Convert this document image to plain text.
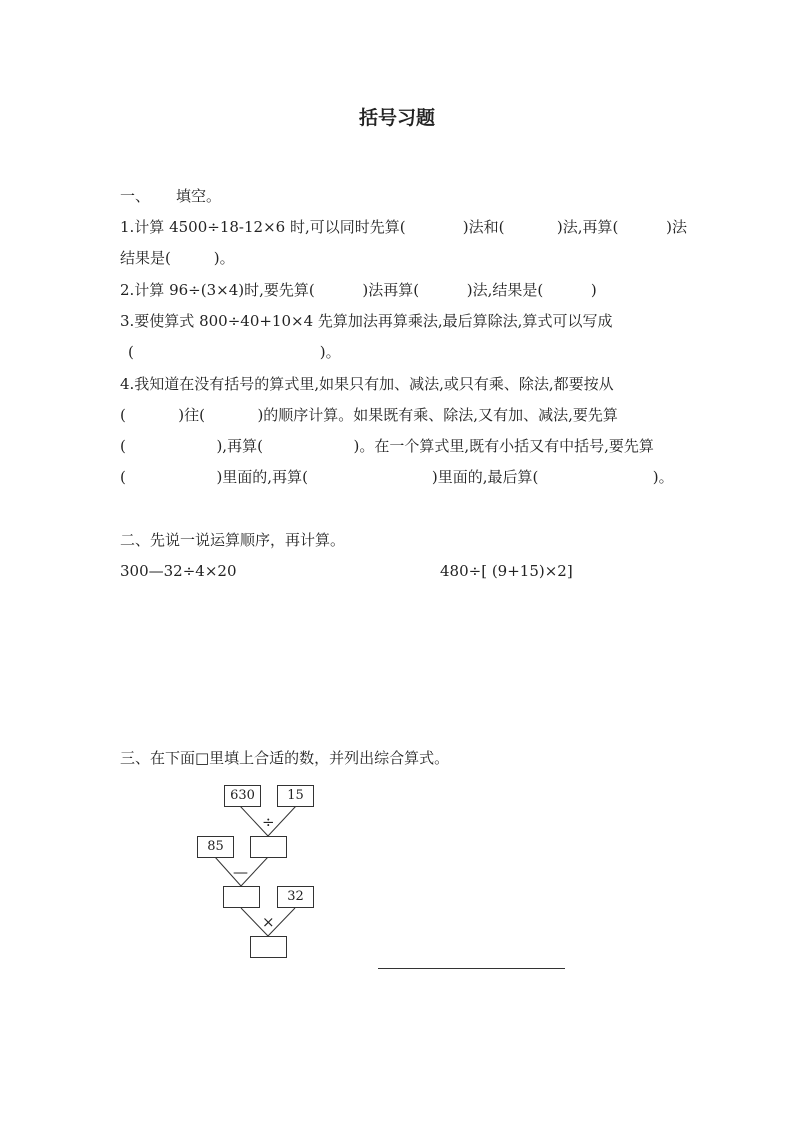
括号习题
一、 填空。
1.计算 4500÷18-12×6 时,可以同时先算(            )法和(           )法,再算(          )法
结果是(         )。
2.计算 96÷(3×4)时,要先算(          )法再算(          )法,结果是(          )
3.要使算式 800÷40+10×4 先算加法再算乘法,最后算除法,算式可以写成
(                                       )。
4.我知道在没有括号的算式里,如果只有加、减法,或只有乘、除法,都要按从
(           )往(           )的顺序计算。如果既有乘、除法,又有加、减法,要先算
(                   ),再算(                   )。在一个算式里,既有小括又有中括号,要先算
(                   )里面的,再算(                          )里面的,最后算(                        )。
二、先说一说运算顺序，再计算。
300—32÷4×20	480÷[ (9+15)×2]
三、在下面□里填上合适的数，并列出综合算式。
630	15
÷
85
—
32
×
